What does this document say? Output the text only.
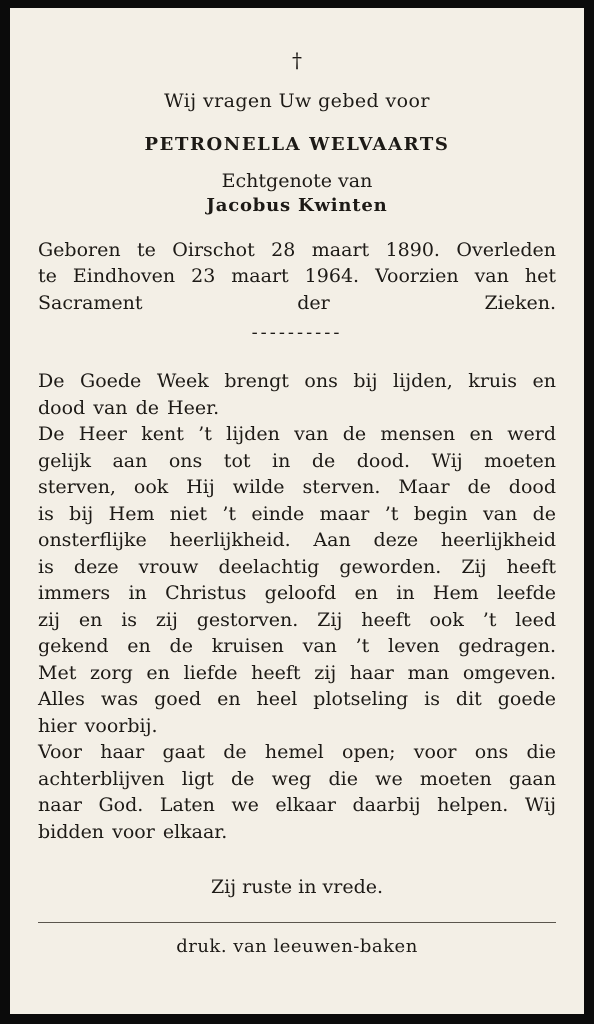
†
Wij vragen Uw gebed voor
PETRONELLA WELVAARTS
Echtgenote van
Jacobus Kwinten
Geboren te Oirschot 28 maart 1890. Overleden
te Eindhoven 23 maart 1964. Voorzien van het
Sacrament der Zieken.
----------
De Goede Week brengt ons bij lijden, kruis en
dood van de Heer.
De Heer kent ’t lijden van de mensen en werd
gelijk aan ons tot in de dood. Wij moeten
sterven, ook Hij wilde sterven. Maar de dood
is bij Hem niet ’t einde maar ’t begin van de
onsterflijke heerlijkheid. Aan deze heerlijkheid
is deze vrouw deelachtig geworden. Zij heeft
immers in Christus geloofd en in Hem leefde
zij en is zij gestorven. Zij heeft ook ’t leed
gekend en de kruisen van ’t leven gedragen.
Met zorg en liefde heeft zij haar man omgeven.
Alles was goed en heel plotseling is dit goede
hier voorbij.
Voor haar gaat de hemel open; voor ons die
achterblijven ligt de weg die we moeten gaan
naar God. Laten we elkaar daarbij helpen. Wij
bidden voor elkaar.
Zij ruste in vrede.
druk. van leeuwen-baken
